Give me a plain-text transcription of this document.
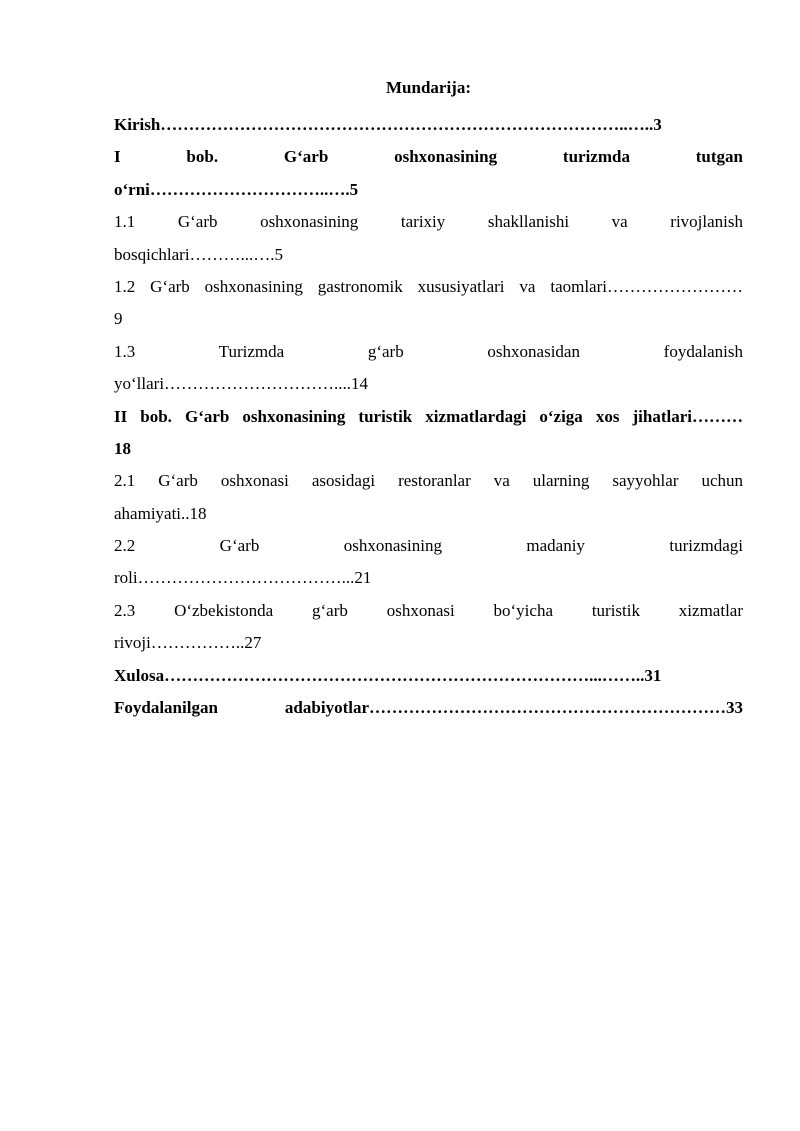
Mundarija:
Kirish………………………………………………………………………..…..3
I bob. G‘arb oshxonasining turizmda tutgan
o‘rni…………………………..….5
1.1 G‘arb oshxonasining tarixiy shakllanishi va rivojlanish
bosqichlari………...….5
1.2 G‘arb oshxonasining gastronomik xususiyatlari va taomlari……………………
9
1.3 Turizmda g‘arb oshxonasidan foydalanish
yo‘llari…………………………....14
II bob. G‘arb oshxonasining turistik xizmatlardagi o‘ziga xos jihatlari………
18
2.1 G‘arb oshxonasi asosidagi restoranlar va ularning sayyohlar uchun
ahamiyati..18
2.2 G‘arb oshxonasining madaniy turizmdagi
roli………………………………...21
2.3 O‘zbekistonda g‘arb oshxonasi bo‘yicha turistik xizmatlar
rivoji……………..27
Xulosa…………………………………………………………………...……..31
Foydalanilgan adabiyotlar………………………………………………………33
